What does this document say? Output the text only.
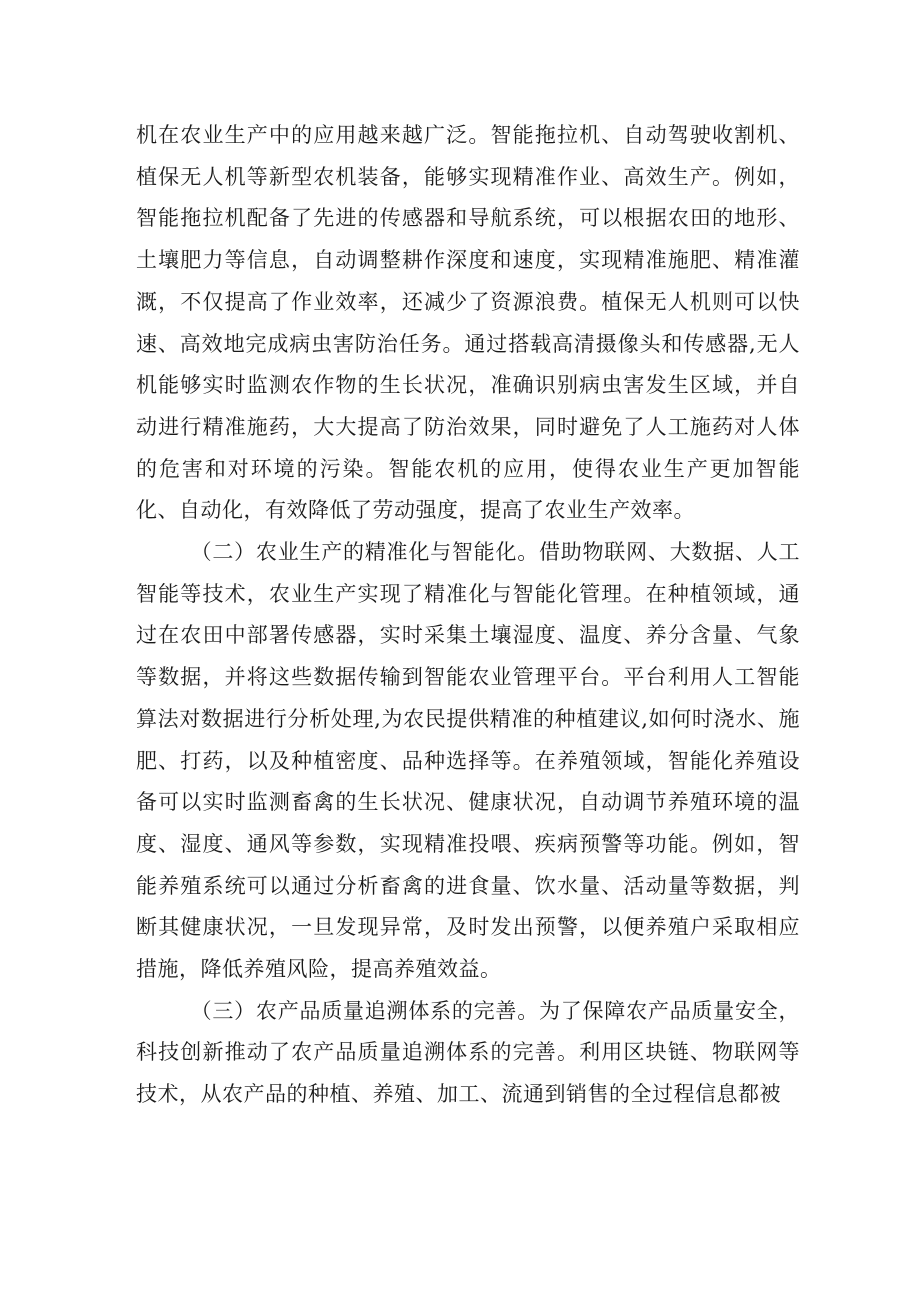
机在农业生产中的应用越来越广泛。智能拖拉机、自动驾驶收割机、植保无人机等新型农机装备，能够实现精准作业、高效生产。例如，智能拖拉机配备了先进的传感器和导航系统，可以根据农田的地形、土壤肥力等信息，自动调整耕作深度和速度，实现精准施肥、精准灌溉，不仅提高了作业效率，还减少了资源浪费。植保无人机则可以快速、高效地完成病虫害防治任务。通过搭载高清摄像头和传感器,无人机能够实时监测农作物的生长状况，准确识别病虫害发生区域，并自动进行精准施药，大大提高了防治效果，同时避免了人工施药对人体的危害和对环境的污染。智能农机的应用，使得农业生产更加智能化、自动化，有效降低了劳动强度，提高了农业生产效率。

（二）农业生产的精准化与智能化。借助物联网、大数据、人工智能等技术，农业生产实现了精准化与智能化管理。在种植领域，通过在农田中部署传感器，实时采集土壤湿度、温度、养分含量、气象等数据，并将这些数据传输到智能农业管理平台。平台利用人工智能算法对数据进行分析处理,为农民提供精准的种植建议,如何时浇水、施肥、打药，以及种植密度、品种选择等。在养殖领域，智能化养殖设备可以实时监测畜禽的生长状况、健康状况，自动调节养殖环境的温度、湿度、通风等参数，实现精准投喂、疾病预警等功能。例如，智能养殖系统可以通过分析畜禽的进食量、饮水量、活动量等数据，判断其健康状况，一旦发现异常，及时发出预警，以便养殖户采取相应措施，降低养殖风险，提高养殖效益。

（三）农产品质量追溯体系的完善。为了保障农产品质量安全，科技创新推动了农产品质量追溯体系的完善。利用区块链、物联网等技术，从农产品的种植、养殖、加工、流通到销售的全过程信息都被
